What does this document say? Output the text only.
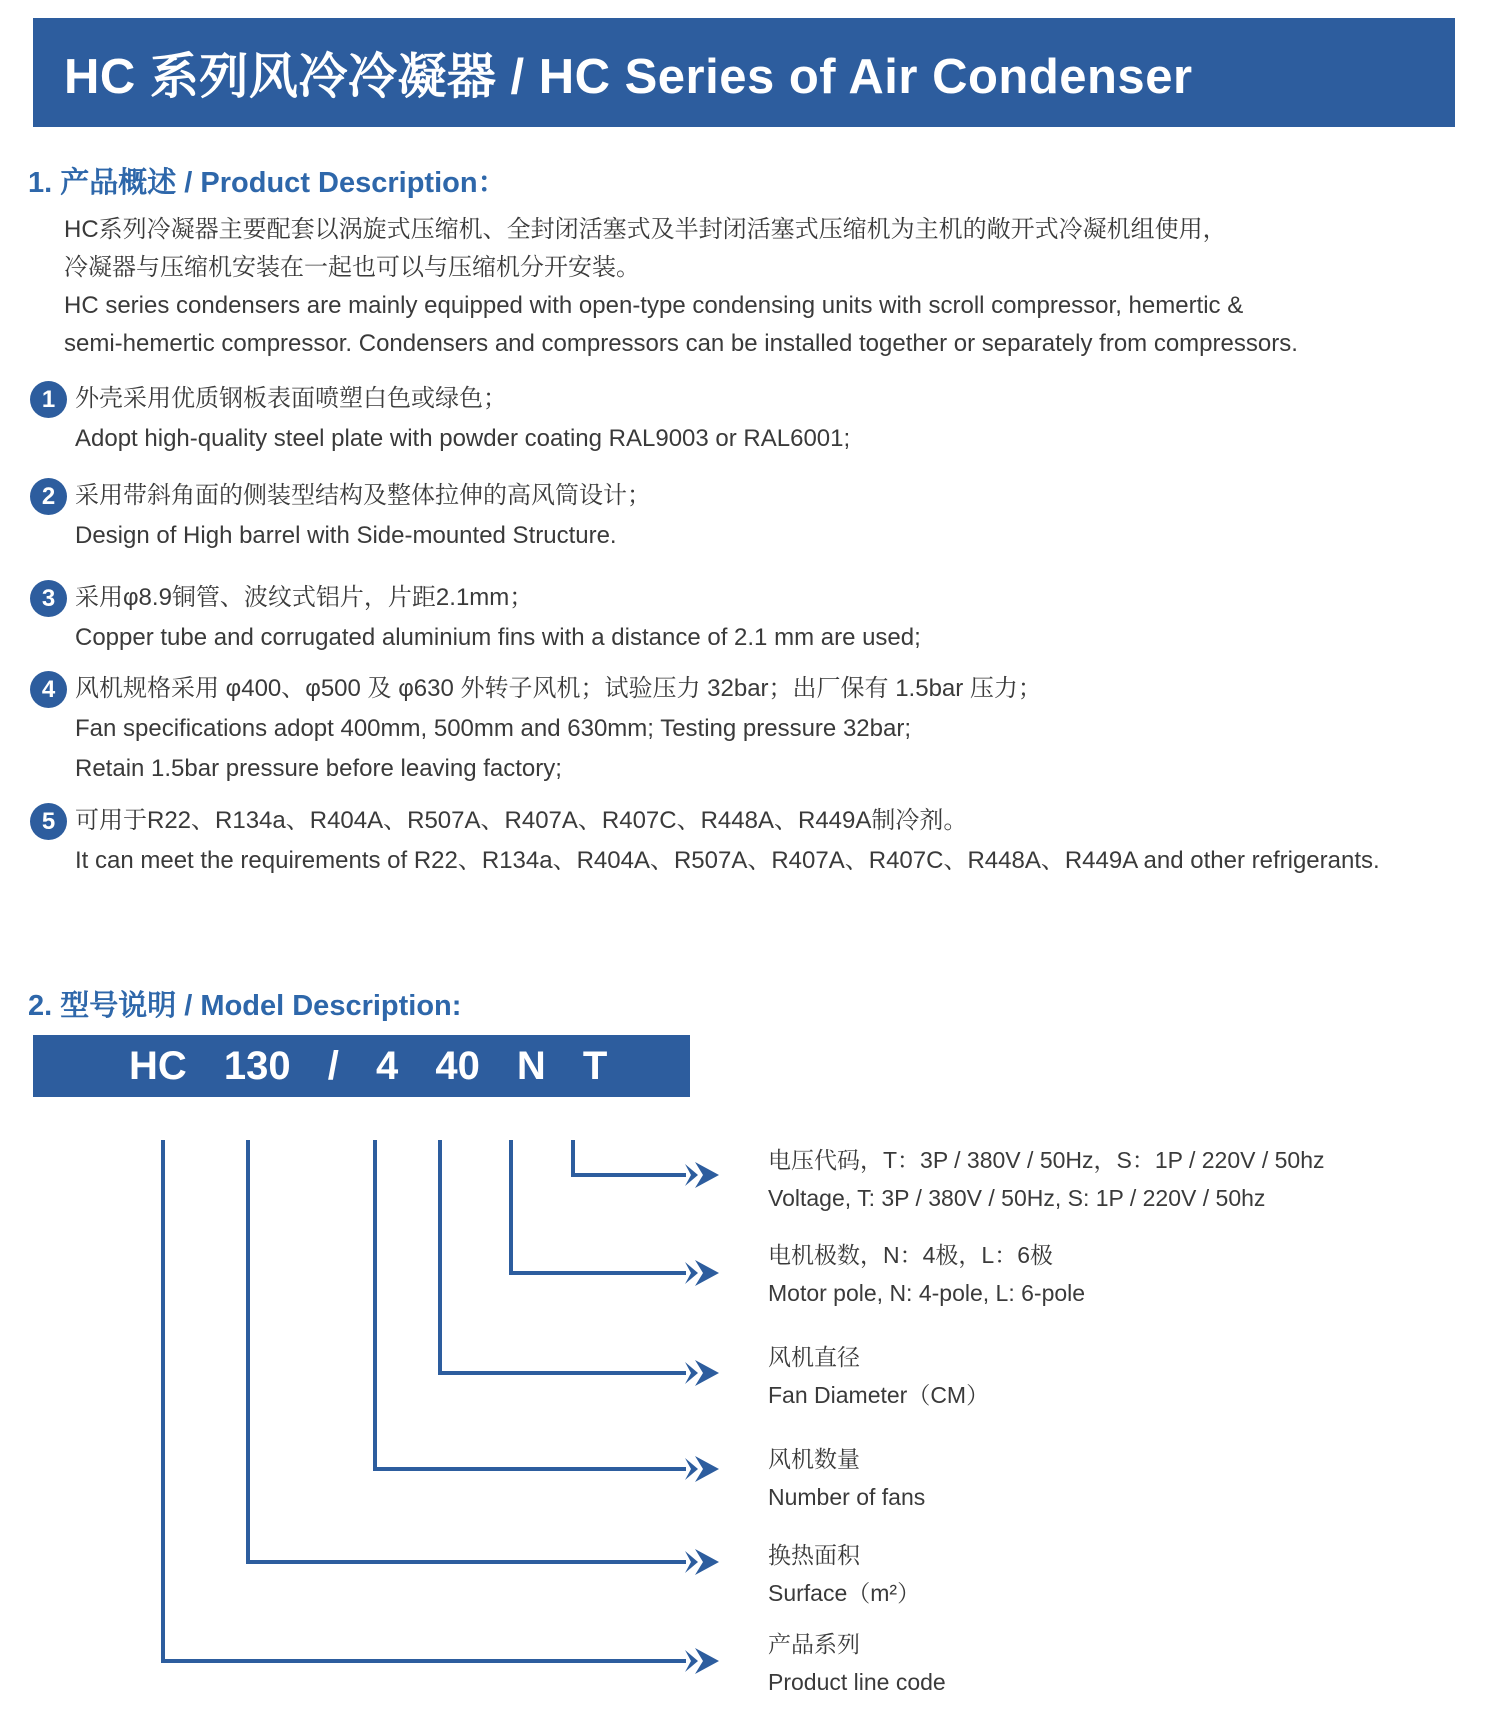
HC 系列风冷冷凝器 / HC Series of Air Condenser
1. 产品概述 / Product Description：
HC系列冷凝器主要配套以涡旋式压缩机、全封闭活塞式及半封闭活塞式压缩机为主机的敞开式冷凝机组使用，
冷凝器与压缩机安装在一起也可以与压缩机分开安装。
HC series condensers are mainly equipped with open-type condensing units with scroll compressor, hemertic &
semi-hemertic compressor. Condensers and compressors can be installed together or separately from compressors.
1 外壳采用优质钢板表面喷塑白色或绿色；
Adopt high-quality steel plate with powder coating RAL9003 or RAL6001;
2 采用带斜角面的侧装型结构及整体拉伸的高风筒设计；
Design of High barrel with Side-mounted Structure.
3 采用φ8.9铜管、波纹式铝片，片距2.1mm；
Copper tube and corrugated aluminium fins with a distance of 2.1 mm are used;
4 风机规格采用 φ400、φ500 及 φ630 外转子风机；试验压力 32bar；出厂保有 1.5bar 压力；
Fan specifications adopt 400mm, 500mm and 630mm; Testing pressure 32bar;
Retain 1.5bar pressure before leaving factory;
5 可用于R22、R134a、R404A、R507A、R407A、R407C、R448A、R449A制冷剂。
It can meet the requirements of R22、R134a、R404A、R507A、R407A、R407C、R448A、R449A and other refrigerants.
2. 型号说明 / Model Description:
HC 130 / 4 40 N T
电压代码，T：3P / 380V / 50Hz，S：1P / 220V / 50hz
Voltage, T: 3P / 380V / 50Hz, S: 1P / 220V / 50hz
电机极数，N：4极，L：6极
Motor pole, N: 4-pole, L: 6-pole
风机直径
Fan Diameter（CM）
风机数量
Number of fans
换热面积
Surface（m²）
产品系列
Product line code
